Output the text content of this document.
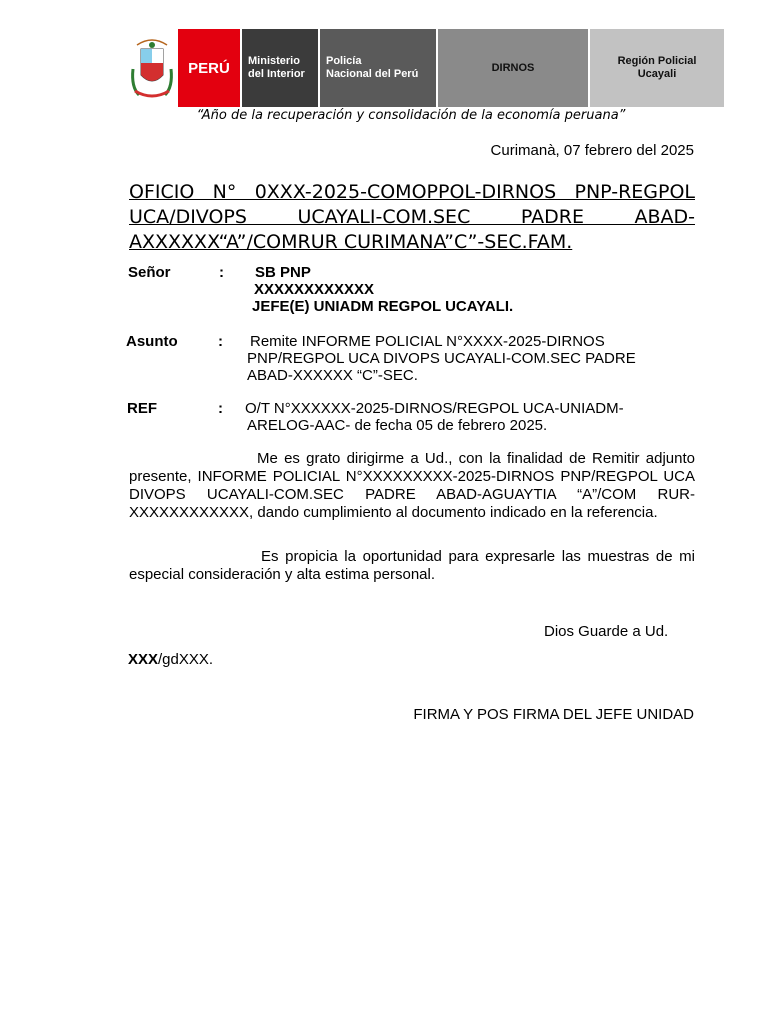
PERÚ Ministerio
del Interior
Policía
Nacional del Perú
DIRNOS
Región Policial
Ucayali
“Año de la recuperación y consolidación de la economía peruana”
Curimanà, 07 febrero del 2025
OFICIO N° 0XXX-2025-COMOPPOL-DIRNOS PNP-REGPOL UCA/DIVOPS UCAYALI-COM.SEC PADRE ABAD-AXXXXXX“A”/COMRUR CURIMANA”C”-SEC.FAM.
Señor	: SB PNP
XXXXXXXXXXXX
JEFE(E) UNIADM REGPOL UCAYALI.
Asunto	: Remite INFORME POLICIAL N°XXXX-2025-DIRNOS
PNP/REGPOL UCA DIVOPS UCAYALI-COM.SEC PADRE
ABAD-XXXXXX “C”-SEC.
REF	: O/T N°XXXXXX-2025-DIRNOS/REGPOL UCA-UNIADM-
ARELOG-AAC- de fecha 05 de febrero 2025.
Me es grato dirigirme a Ud., con la finalidad de Remitir adjunto presente, INFORME POLICIAL N°XXXXXXXXX-2025-DIRNOS PNP/REGPOL UCA DIVOPS UCAYALI-COM.SEC PADRE ABAD-AGUAYTIA “A”/COM RUR-XXXXXXXXXXXX, dando cumplimiento al documento indicado en la referencia.
Es propicia la oportunidad para expresarle las muestras de mi especial consideración y alta estima personal.
Dios Guarde a Ud.
XXX/gdXXX.
FIRMA Y POS FIRMA DEL JEFE UNIDAD
